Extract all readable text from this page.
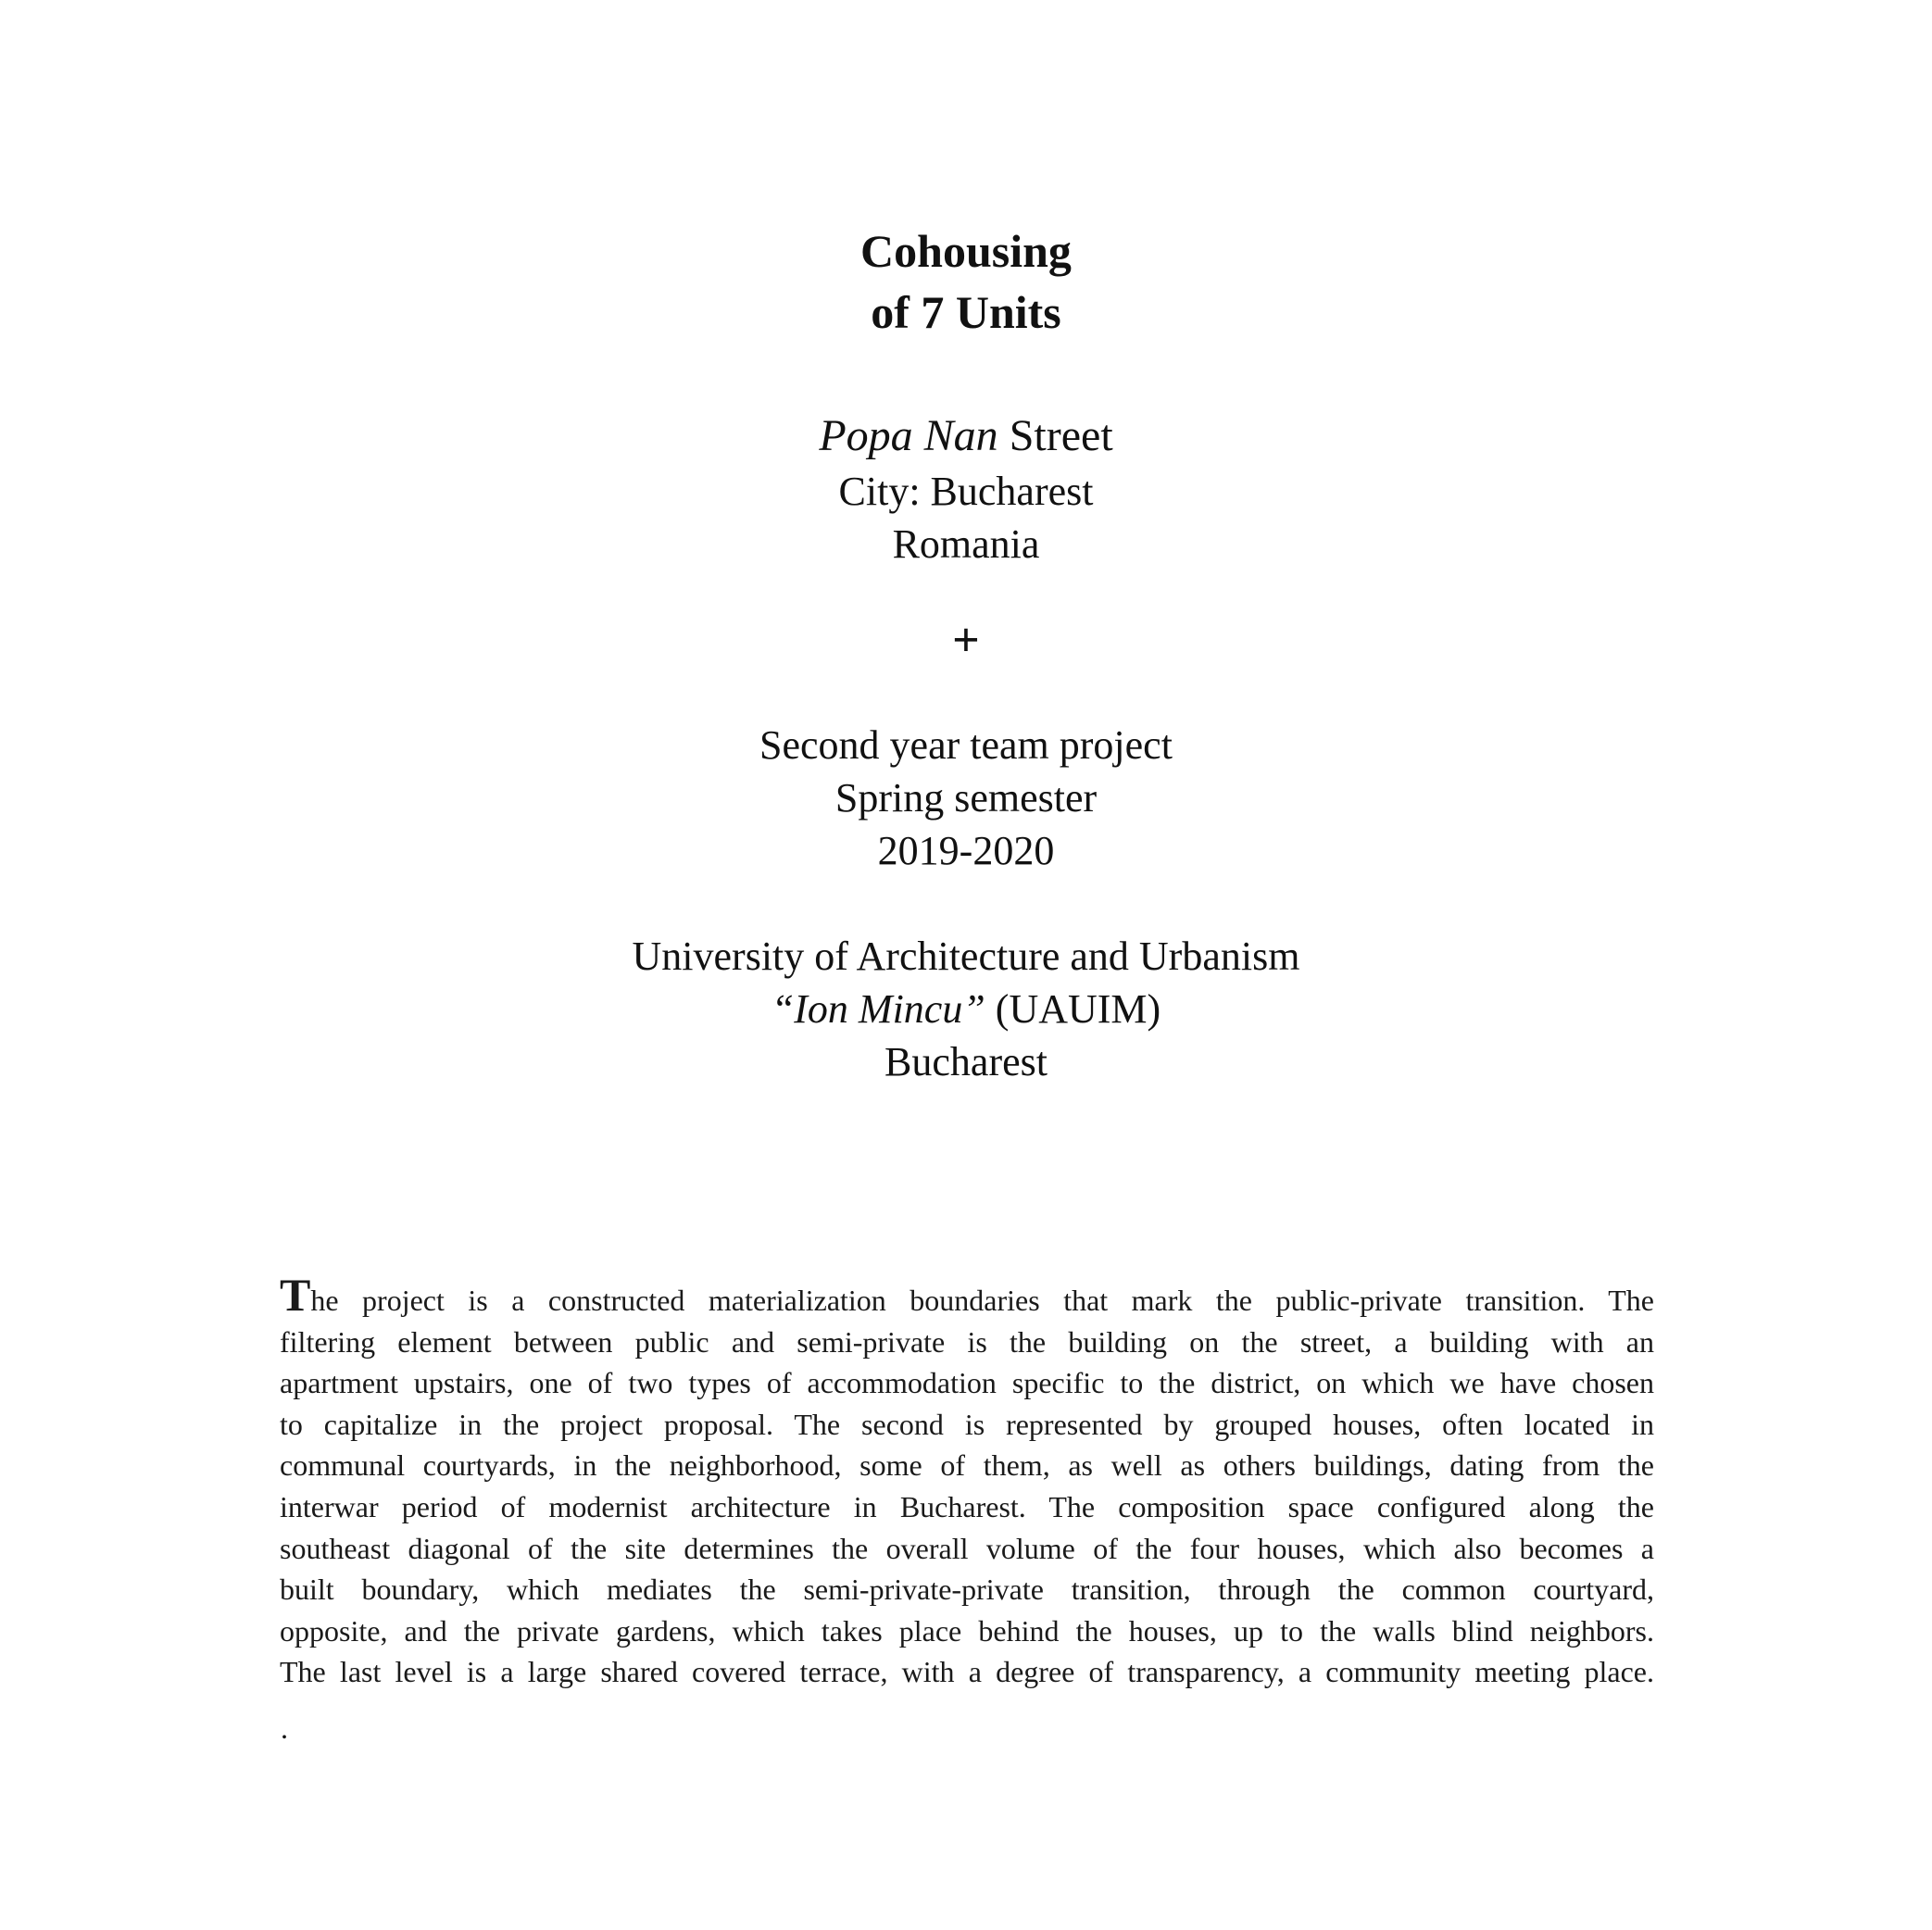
Cohousing
of 7 Units
Popa Nan Street
City: Bucharest
Romania
+
Second year team project
Spring semester
2019-2020
University of Architecture and Urbanism
“Ion Mincu” (UAUIM)
Bucharest
The project is a constructed materialization boundaries that mark the public-private transition. The
filtering element between public and semi-private is the building on the street, a building with an
apartment upstairs, one of two types of accommodation specific to the district, on which we have chosen
to capitalize in the project proposal. The second is represented by grouped houses, often located in
communal courtyards, in the neighborhood, some of them, as well as others buildings, dating from the
interwar period of modernist architecture in Bucharest. The composition space configured along the
southeast diagonal of the site determines the overall volume of the four houses, which also becomes a
built boundary, which mediates the semi-private-private transition, through the common courtyard,
opposite, and the private gardens, which takes place behind the houses, up to the walls blind neighbors.
The last level is a large shared covered terrace, with a degree of transparency, a community meeting place.
.
